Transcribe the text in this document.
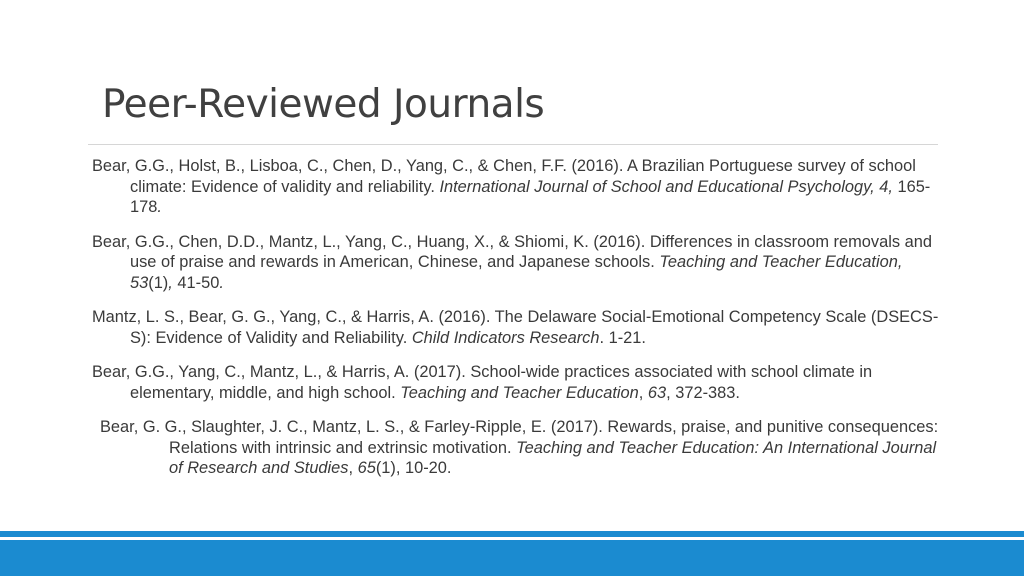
Peer-Reviewed Journals
Bear, G.G., Holst, B., Lisboa, C., Chen, D., Yang, C., & Chen, F.F. (2016). A Brazilian Portuguese survey of school climate: Evidence of validity and reliability. International Journal of School and Educational Psychology, 4, 165-178.
Bear, G.G., Chen, D.D., Mantz, L., Yang, C., Huang, X., & Shiomi, K. (2016). Differences in classroom removals and use of praise and rewards in American, Chinese, and Japanese schools. Teaching and Teacher Education, 53(1), 41-50.
Mantz, L. S., Bear, G. G., Yang, C., & Harris, A. (2016). The Delaware Social-Emotional Competency Scale (DSECS-S): Evidence of Validity and Reliability. Child Indicators Research. 1-21.
Bear, G.G., Yang, C., Mantz, L., & Harris, A. (2017). School-wide practices associated with school climate in elementary, middle, and high school. Teaching and Teacher Education, 63, 372-383.
Bear, G. G., Slaughter, J. C., Mantz, L. S., & Farley-Ripple, E. (2017). Rewards, praise, and punitive consequences: Relations with intrinsic and extrinsic motivation. Teaching and Teacher Education: An International Journal of Research and Studies, 65(1), 10-20.
